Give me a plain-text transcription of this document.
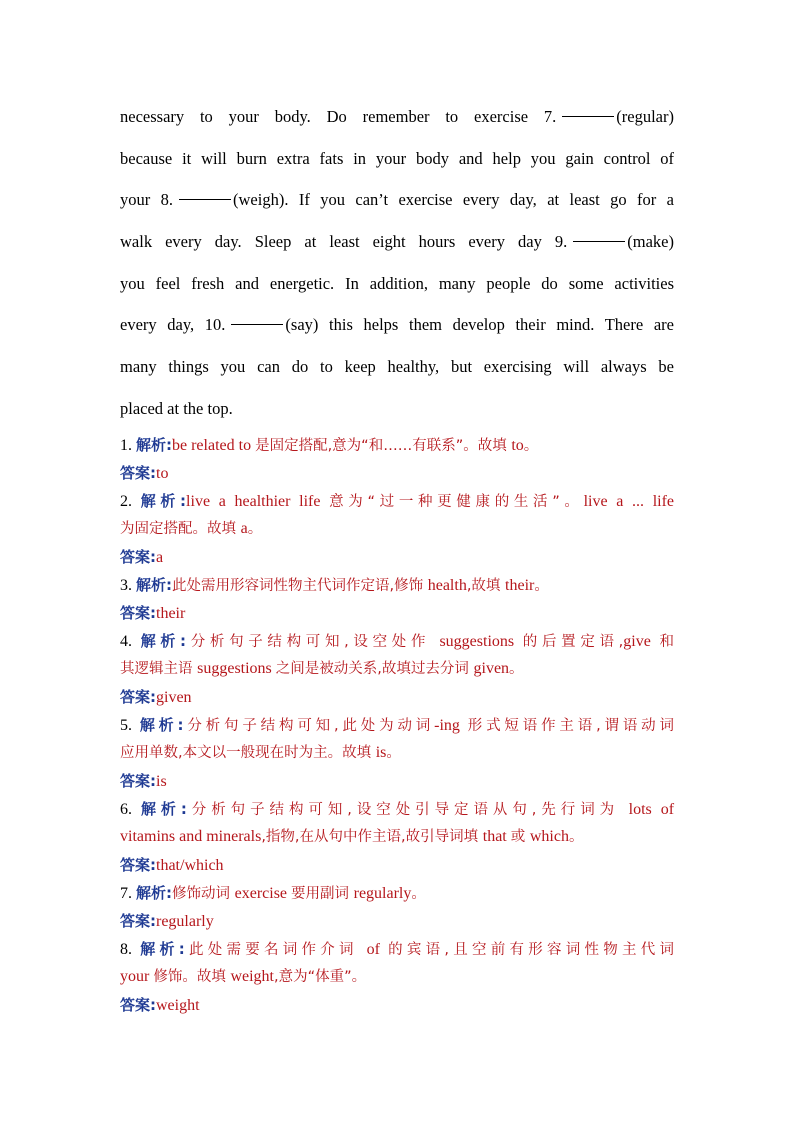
necessary to your body. Do remember to exercise 7.	(regular)
because it will burn extra fats in your body and help you gain control of
your 8.	(weigh). If you can’t exercise every day, at least go for a
walk every day. Sleep at least eight hours every day 9.	(make)
you feel fresh and energetic. In addition, many people do some activities
every day, 10.	(say) this helps them develop their mind. There are
many things you can do to keep healthy, but exercising will always be
placed at the top.
1. 解析:be related to 是固定搭配,意为“和……有联系”。故填 to。
答案:to
2. 解析:live a healthier life 意为“过一种更健康的生活”。live a ... life
为固定搭配。故填 a。
答案:a
3. 解析:此处需用形容词性物主代词作定语,修饰 health,故填 their。
答案:their
4. 解析:分析句子结构可知,设空处作 suggestions 的后置定语,give 和
其逻辑主语 suggestions 之间是被动关系,故填过去分词 given。
答案:given
5. 解析:分析句子结构可知,此处为动词-ing 形式短语作主语,谓语动词
应用单数,本文以一般现在时为主。故填 is。
答案:is
6. 解析:分析句子结构可知,设空处引导定语从句,先行词为 lots of
vitamins and minerals,指物,在从句中作主语,故引导词填 that 或 which。
答案:that/which
7. 解析:修饰动词 exercise 要用副词 regularly。
答案:regularly
8. 解析:此处需要名词作介词 of 的宾语,且空前有形容词性物主代词
your 修饰。故填 weight,意为“体重”。
答案:weight
